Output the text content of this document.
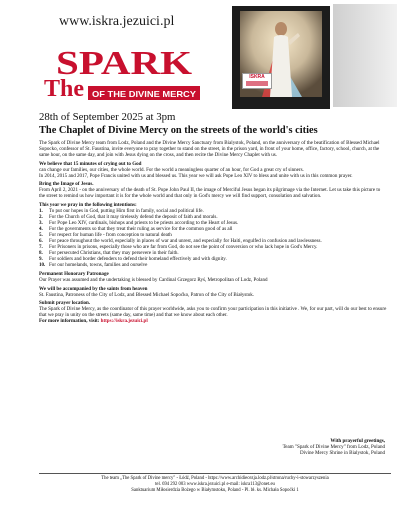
www.iskra.jezuici.pl
SPARK
The OF THE DIVINE MERCY
ISKRA
28th of September 2025 at 3pm
The Chaplet of Divine Mercy on the streets of the world's cities

The Spark of Divine Mercy team from Lodz, Poland and the Divine Mercy Sanctuary from Bialystok, Poland, on the anniversary of the beatification of Blessed Michael Sopocko, confessor of St. Faustina, invite everyone to pray together to stand on the street, in the prison yard, in front of your home, office, factory, school, church, at the same hour, on the same day, and join with Jesus dying on the cross, and then recite the Divine Mercy Chaplet with us.

We believe that 15 minutes of crying out to God

can change our families, our cities, the whole world. For the world a meaningless quarter of an hour, for God a great cry of sinners.

In 2014, 2015 and 2017, Pope Francis united with us and blessed us. This year we will ask Pope Leo XIV to bless and unite with us in this common prayer.

Bring the Image of Jesus.

From April 2, 2021 - on the anniversary of the death of St. Pope John Paul II, the image of Merciful Jesus began its pilgrimage via the Internet. Let us take this picture to the street to remind us how important it is for the whole world and that only in God's mercy we will find support, consolation and salvation.

This year we pray in the following intentions:

1. To put our hopes in God, putting Him first in family, social and political life.
2. For the Church of God, that it may tirelessly defend the deposit of faith and morals.
3. For Pope Leo XIV, cardinals, bishops and priests to be priests according to the Heart of Jesus.
4. For the governments so that they treat their ruling as service for the common good of as all
5. For respect for human life - from conception to natural death
6. For peace throughout the world, especially in places of war and unrest, and especially for Haiti, engulfed in confusion and lawlessness.
7. For Prisoners in prisons, especially those who are far from God, do not see the point of conversion or who lack hope in God's Mercy.
8. For persecuted Christians, that they may persevere in their faith.
9. For soldiers and border defenders to defend their homeland effectively and with dignity.
10. For our homelands, towns, families and ourselve

Permanent Honorary Patronage

Our Prayer was assumed and the undertaking is blessed by Cardinal Grzegorz Ryś, Metropolitan of Lodz, Poland

We will be accompanied by the saints from heaven

St. Faustina, Patroness of the City of Lodz, and Blessed Michael Sopoćko, Patron of the City of Białystok.

Submit prayer location.

The Spark of Divine Mercy, as the coordinator of this prayer worldwide, asks you to confirm your participation in this initiative . We, for our part, will do our best to ensure that we pray in unity on the streets (same day, same time) and that we know about each other.

For more information, visit: https://iskra.jezuici.pl

With prayerful greetings,
Team "Spark of Divine Mercy" from Lodz, Poland
Divine Mercy Shrine in Bialystok, Poland
The team „The Spark of Divine mercy" - Łódź, Poland - https://www.archidiecezja.lodz.pl/strona/ruchy-i-stowarzyszenia
tel. 694 292 003 www.iskra.jezuici.pl e-mail: iskra113@onet.eu
Sanktuarium Miłosierdzia Bożego w Białymstoku, Poland - Pl. bł. ks. Michała Sopoćki 1
